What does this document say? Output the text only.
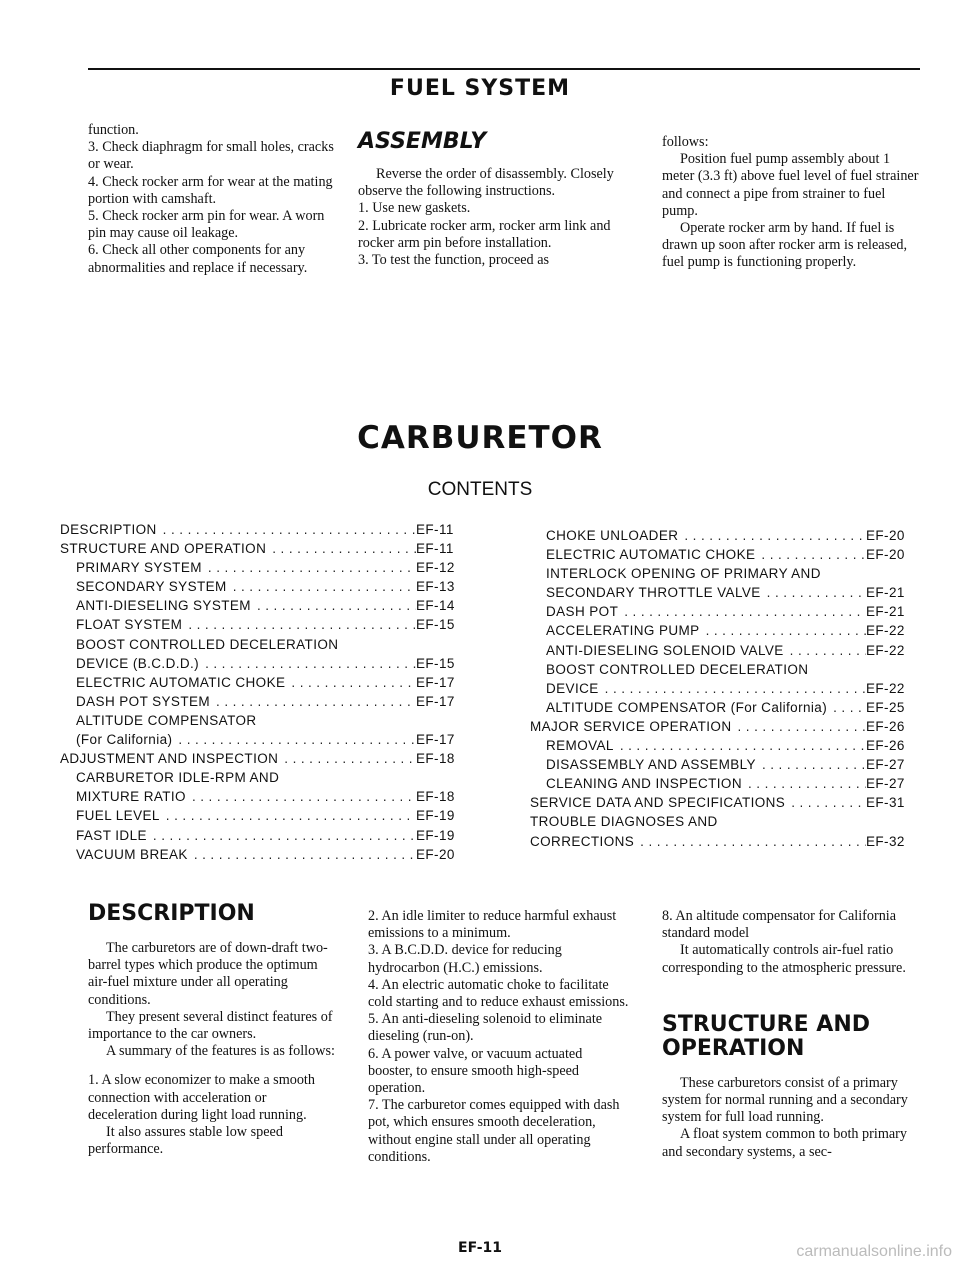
FUEL SYSTEM

function.

3. Check diaphragm for small holes, cracks or wear.

4. Check rocker arm for wear at the mating portion with camshaft.

5. Check rocker arm pin for wear. A worn pin may cause oil leakage.

6. Check all other components for any abnormalities and replace if necessary.

ASSEMBLY

Reverse the order of disassembly. Closely observe the following instructions.

1. Use new gaskets.

2. Lubricate rocker arm, rocker arm link and rocker arm pin before installation.

3. To test the function, proceed as

follows:

Position fuel pump assembly about 1 meter (3.3 ft) above fuel level of fuel strainer and connect a pipe from strainer to fuel pump.

Operate rocker arm by hand. If fuel is drawn up soon after rocker arm is released, fuel pump is functioning properly.

CARBURETOR
CONTENTS
DESCRIPTION . . .	EF-11
STRUCTURE AND OPERATION . . .	EF-11
PRIMARY SYSTEM . . .	EF-12
SECONDARY SYSTEM . . .	EF-13
ANTI-DIESELING SYSTEM . . .	EF-14
FLOAT SYSTEM . . .	EF-15
BOOST CONTROLLED DECELERATION
DEVICE (B.C.D.D.) . . .	EF-15
ELECTRIC AUTOMATIC CHOKE . . .	EF-17
DASH POT SYSTEM . . .	EF-17
ALTITUDE COMPENSATOR
(For California) . . .	EF-17
ADJUSTMENT AND INSPECTION . . .	EF-18
CARBURETOR IDLE-RPM AND
MIXTURE RATIO . . .	EF-18
FUEL LEVEL . . .	EF-19
FAST IDLE . . .	EF-19
VACUUM BREAK . . .	EF-20
CHOKE UNLOADER . . .	EF-20
ELECTRIC AUTOMATIC CHOKE . . .	EF-20
INTERLOCK OPENING OF PRIMARY AND
SECONDARY THROTTLE VALVE . . .	EF-21
DASH POT . . .	EF-21
ACCELERATING PUMP . . .	EF-22
ANTI-DIESELING SOLENOID VALVE . . .	EF-22
BOOST CONTROLLED DECELERATION
DEVICE . . .	EF-22
ALTITUDE COMPENSATOR (For California) . . .	EF-25
MAJOR SERVICE OPERATION . . .	EF-26
REMOVAL . . .	EF-26
DISASSEMBLY AND ASSEMBLY . . .	EF-27
CLEANING AND INSPECTION . . .	EF-27
SERVICE DATA AND SPECIFICATIONS . . .	EF-31
TROUBLE DIAGNOSES AND
CORRECTIONS . . .	EF-32
DESCRIPTION

The carburetors are of down-draft two-barrel types which produce the optimum air-fuel mixture under all operating conditions.

They present several distinct features of importance to the car owners.

A summary of the features is as follows:

1. A slow economizer to make a smooth connection with acceleration or deceleration during light load running.

It also assures stable low speed performance.

2. An idle limiter to reduce harmful exhaust emissions to a minimum.

3. A B.C.D.D. device for reducing hydrocarbon (H.C.) emissions.

4. An electric automatic choke to facilitate cold starting and to reduce exhaust emissions.

5. An anti-dieseling solenoid to eliminate dieseling (run-on).

6. A power valve, or vacuum actuated booster, to ensure smooth high-speed operation.

7. The carburetor comes equipped with dash pot, which ensures smooth deceleration, without engine stall under all operating conditions.

8. An altitude compensator for California standard model

It automatically controls air-fuel ratio corresponding to the atmospheric pressure.

STRUCTURE AND OPERATION

These carburetors consist of a primary system for normal running and a secondary system for full load running.

A float system common to both primary and secondary systems, a sec-

EF-11	carmanualsonline.info
